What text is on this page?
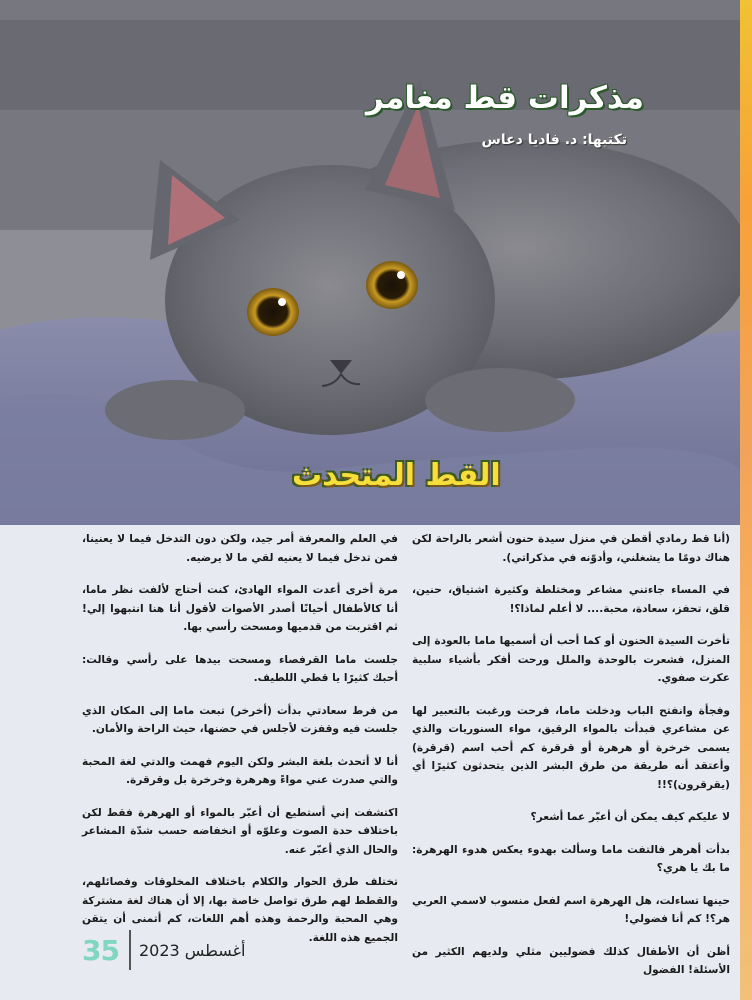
مذكرات قط مغامر
تكتبها: د. فاديا دعاس
القط المتحدث

(أنا قط رمادي أقطن في منزل سيدة حنون أشعر بالراحة لكن هناك دومًا ما يشغلني، وأدوّنه في مذكراتي).

في المساء جاءتني مشاعر ومختلطة وكثيرة اشتياق، حنين، قلق، تحفز، سعادة، محبة.... لا أعلم لماذا؟!

تأخرت السيدة الحنون أو كما أحب أن أسميها ماما بالعودة إلى المنزل، فشعرت بالوحدة والملل ورحت أفكر بأشياء سلبية عكرت صفوي.

وفجأة وانفتح الباب ودخلت ماما، فرحت ورغبت بالتعبير لها عن مشاعري فبدأت بالمواء الرقيق، مواء السنوريات والذي يسمى خرخرة أو هرهرة أو قرقرة كم أحب اسم (قرقرة) وأعتقد أنه طريقة من طرق البشر الذين يتحدثون كثيرًا أي (يقرقرون)؟!!

لا عليكم كيف يمكن أن أعبّر عما أشعر؟

بدأت أهرهر فالتفت ماما وسألت بهدوء يعكس هدوء الهرهرة: ما بك يا هري؟

حينها تساءلت، هل الهرهرة اسم لفعل منسوب لاسمي العربي هر؟! كم أنا فضولي!

أظن أن الأطفال كذلك فضوليين مثلي ولديهم الكثير من الأسئلة! الفضول

في العلم والمعرفة أمر جيد، ولكن دون التدخل فيما لا يعنينا، فمن تدخل فيما لا يعنيه لقي ما لا يرضيه.

مرة أخرى أعدت المواء الهادئ، كنت أحتاج لألفت نظر ماما، أنا كالأطفال أحيانًا أصدر الأصوات لأقول أنا هنا انتبهوا إلي! ثم اقتربت من قدميها ومسحت رأسي بها.

جلست ماما القرفصاء ومسحت بيدها على رأسي وقالت: أحبك كثيرًا يا قطي اللطيف.

من فرط سعادتي بدأت (أخرخر) تبعت ماما إلى المكان الذي جلست فيه وقفزت لأجلس في حضنها، حيث الراحة والأمان.

أنا لا أتحدث بلغة البشر ولكن اليوم فهمت والدتي لغة المحبة والتي صدرت عني مواءً وهرهرة وخرخرة بل وقرقرة.

اكتشفت إني أستطيع أن أعبّر بالمواء أو الهرهرة فقط لكن باختلاف حدة الصوت وعلوّه أو انخفاضه حسب شدّة المشاعر والحال الذي أعبّر عنه.

تختلف طرق الحوار والكلام باختلاف المخلوقات وفصائلهم، والقطط لهم طرق تواصل خاصة بها، إلا أن هناك لغة مشتركة وهي المحبة والرحمة وهذه أهم اللغات، كم أتمنى أن يتقن الجميع هذه اللغة.

35 أغسطس 2023
